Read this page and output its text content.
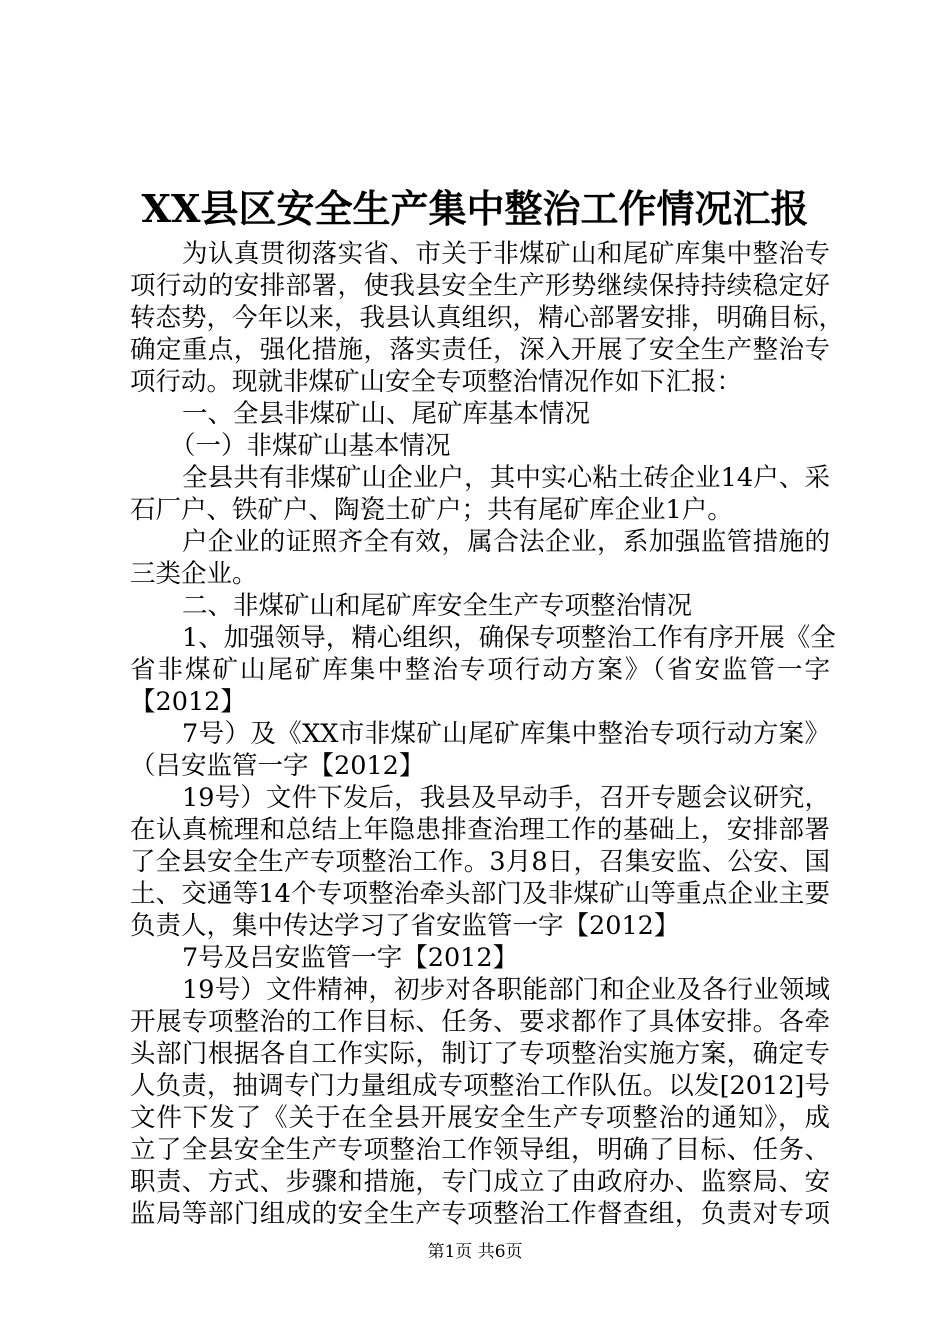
XX县区安全生产集中整治工作情况汇报
为认真贯彻落实省、市关于非煤矿山和尾矿库集中整治专
项行动的安排部署，使我县安全生产形势继续保持持续稳定好
转态势，今年以来，我县认真组织，精心部署安排，明确目标，
确定重点，强化措施，落实责任，深入开展了安全生产整治专
项行动。现就非煤矿山安全专项整治情况作如下汇报：
一、全县非煤矿山、尾矿库基本情况
（一）非煤矿山基本情况
全县共有非煤矿山企业户，其中实心粘土砖企业14户、采
石厂户、铁矿户、陶瓷土矿户；共有尾矿库企业1户。
户企业的证照齐全有效，属合法企业，系加强监管措施的
三类企业。
二、非煤矿山和尾矿库安全生产专项整治情况
1、加强领导，精心组织，确保专项整治工作有序开展《全
省非煤矿山尾矿库集中整治专项行动方案》（省安监管一字
【2012】
7号）及《XX市非煤矿山尾矿库集中整治专项行动方案》
（吕安监管一字【2012】
19号）文件下发后，我县及早动手，召开专题会议研究，
在认真梳理和总结上年隐患排查治理工作的基础上，安排部署
了全县安全生产专项整治工作。3月8日，召集安监、公安、国
土、交通等14个专项整治牵头部门及非煤矿山等重点企业主要
负责人，集中传达学习了省安监管一字【2012】
7号及吕安监管一字【2012】
19号）文件精神，初步对各职能部门和企业及各行业领域
开展专项整治的工作目标、任务、要求都作了具体安排。各牵
头部门根据各自工作实际，制订了专项整治实施方案，确定专
人负责，抽调专门力量组成专项整治工作队伍。以发[2012]号
文件下发了《关于在全县开展安全生产专项整治的通知》，成
立了全县安全生产专项整治工作领导组，明确了目标、任务、
职责、方式、步骤和措施，专门成立了由政府办、监察局、安
监局等部门组成的安全生产专项整治工作督查组，负责对专项
第1页 共6页
